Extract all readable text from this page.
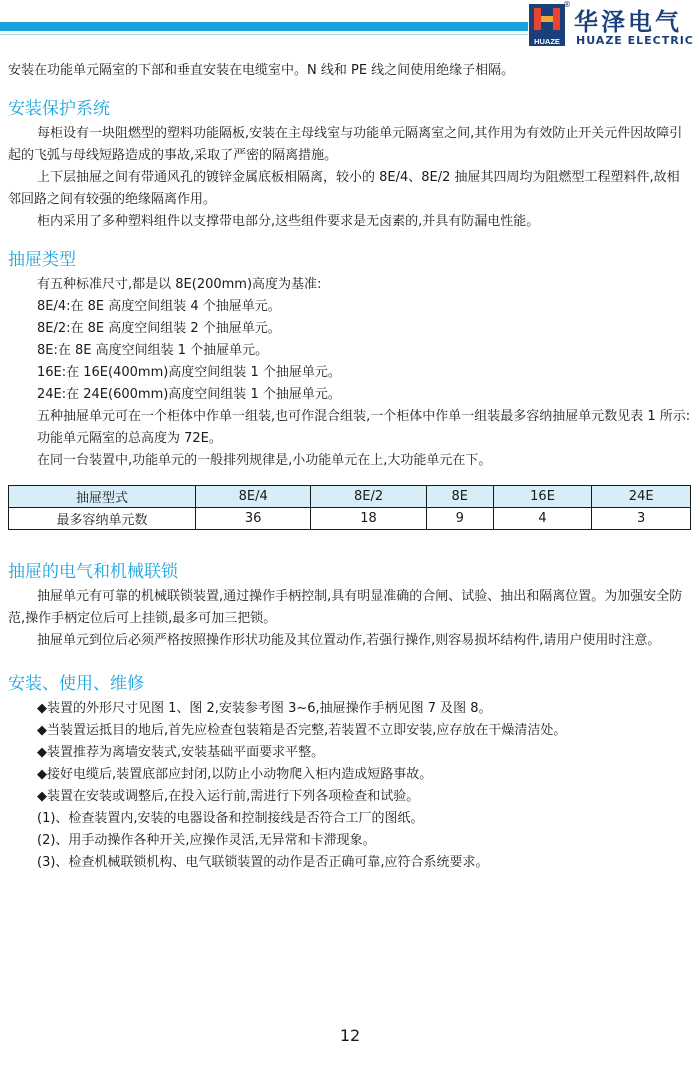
HUAZE
®
华泽电气
HUAZE ELECTRIC

安装在功能单元隔室的下部和垂直安装在电缆室中。N 线和 PE 线之间使用绝缘子相隔。

安装保护系统

每柜设有一块阻燃型的塑料功能隔板,安装在主母线室与功能单元隔离室之间,其作用为有效防止开关元件因故障引起的飞弧与母线短路造成的事故,采取了严密的隔离措施。

上下层抽屉之间有带通风孔的镀锌金属底板相隔离，较小的 8E/4、8E/2 抽屉其四周均为阻燃型工程塑料件,故相邻回路之间有较强的绝缘隔离作用。

柜内采用了多种塑料组件以支撑带电部分,这些组件要求是无卤素的,并具有防漏电性能。

抽屉类型

有五种标准尺寸,都是以 8E(200mm)高度为基准:

8E/4:在 8E 高度空间组装 4 个抽屉单元。

8E/2:在 8E 高度空间组装 2 个抽屉单元。

8E:在 8E 高度空间组装 1 个抽屉单元。

16E:在 16E(400mm)高度空间组装 1 个抽屉单元。

24E:在 24E(600mm)高度空间组装 1 个抽屉单元。

五种抽屉单元可在一个柜体中作单一组装,也可作混合组装,一个柜体中作单一组装最多容纳抽屉单元数见表 1 所示:

功能单元隔室的总高度为 72E。

在同一台装置中,功能单元的一般排列规律是,小功能单元在上,大功能单元在下。

抽屉型式	8E/4	8E/2	8E	16E	24E
最多容纳单元数	36	18	9	4	3
抽屉的电气和机械联锁

抽屉单元有可靠的机械联锁装置,通过操作手柄控制,具有明显准确的合闸、试验、抽出和隔离位置。为加强安全防范,操作手柄定位后可上挂锁,最多可加三把锁。

抽屉单元到位后必须严格按照操作形状功能及其位置动作,若强行操作,则容易损坏结构件,请用户使用时注意。

安装、使用、维修

◆装置的外形尺寸见图 1、图 2,安装参考图 3~6,抽屉操作手柄见图 7 及图 8。

◆当装置运抵目的地后,首先应检查包装箱是否完整,若装置不立即安装,应存放在干燥清洁处。

◆装置推荐为离墙安装式,安装基础平面要求平整。

◆接好电缆后,装置底部应封闭,以防止小动物爬入柜内造成短路事故。

◆装置在安装或调整后,在投入运行前,需进行下列各项检查和试验。

(1)、检查装置内,安装的电器设备和控制接线是否符合工厂的图纸。

(2)、用手动操作各种开关,应操作灵活,无异常和卡滞现象。

(3)、检查机械联锁机构、电气联锁装置的动作是否正确可靠,应符合系统要求。

12
